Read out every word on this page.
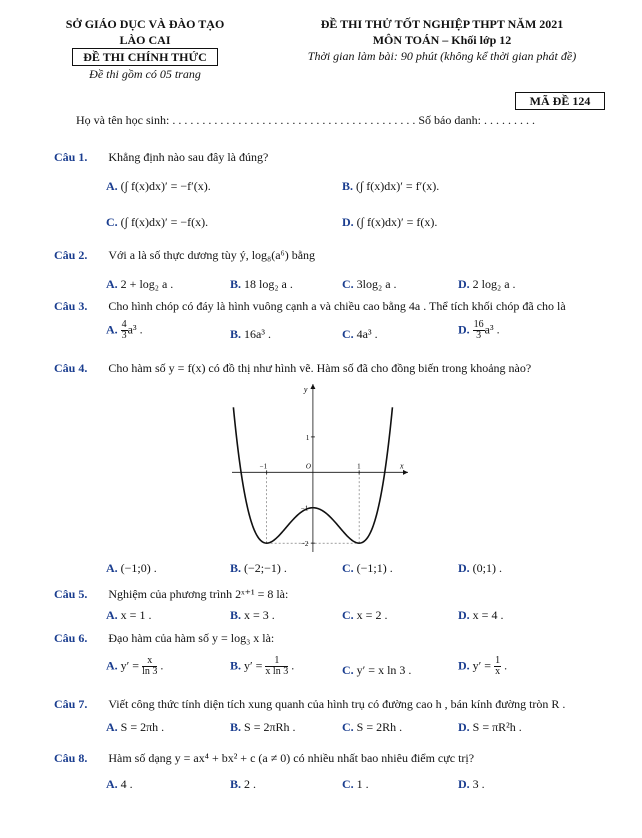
SỞ GIÁO DỤC VÀ ĐÀO TẠO
LÀO CAI
ĐỀ THI CHÍNH THỨC
Đề thi gồm có 05 trang
ĐỀ THI THỬ TỐT NGHIỆP THPT NĂM 2021
MÔN TOÁN – Khối lớp 12
Thời gian làm bài: 90 phút (không kể thời gian phát đề)
MÃ ĐỀ 124
Họ và tên học sinh: . . . . . . . . . . . . . . . . . . . . . . . . . . . . . . . . . . . . . . . . . Số báo danh: . . . . . . . . .
Câu 1. Khẳng định nào sau đây là đúng?
A. (∫ f(x)dx)′ = −f′(x).	B. (∫ f(x)dx)′ = f′(x).
C. (∫ f(x)dx)′ = −f(x).	D. (∫ f(x)dx)′ = f(x).
Câu 2. Với a là số thực dương tùy ý, log₈(a⁶) bằng
A. 2 + log₂ a .	B. 18 log₂ a .	C. 3log₂ a .	D. 2 log₂ a .
Câu 3. Cho hình chóp có đáy là hình vuông cạnh a và chiều cao bằng 4a . Thể tích khối chóp đã cho là
A. $\frac{4}{3} a^3$ .	B. 16a³ .	C. 4a³ .	D. $\frac{16}{3} a^3$ .
Câu 4. Cho hàm số y = f(x) có đồ thị như hình vẽ. Hàm số đã cho đồng biến trong khoảng nào?
x
y
−1	1
O
1
−1
−2
A. (−1;0) .	B. (−2;−1) .	C. (−1;1) .	D. (0;1) .
Câu 5. Nghiệm của phương trình 2ˣ⁺¹ = 8 là:
A. x = 1 .	B. x = 3 .	C. x = 2 .	D. x = 4 .
Câu 6. Đạo hàm của hàm số y = log₃ x là:
A. $y' = \frac{x}{\ln 3}$ .	B. $y' = \frac{1}{\text{x ln 3}}$ .	C. y′ = x ln 3 .	D. $y' = \frac{1}{x}$ .
Câu 7. Viết công thức tính diện tích xung quanh của hình trụ có đường cao h , bán kính đường tròn R .
A. S = 2πh .	B. S = 2πRh .	C. S = 2Rh .	D. S = πR²h .
Câu 8. Hàm số dạng y = ax⁴ + bx² + c (a ≠ 0) có nhiều nhất bao nhiêu điểm cực trị?
A. 4 .	B. 2 .	C. 1 .	D. 3 .
